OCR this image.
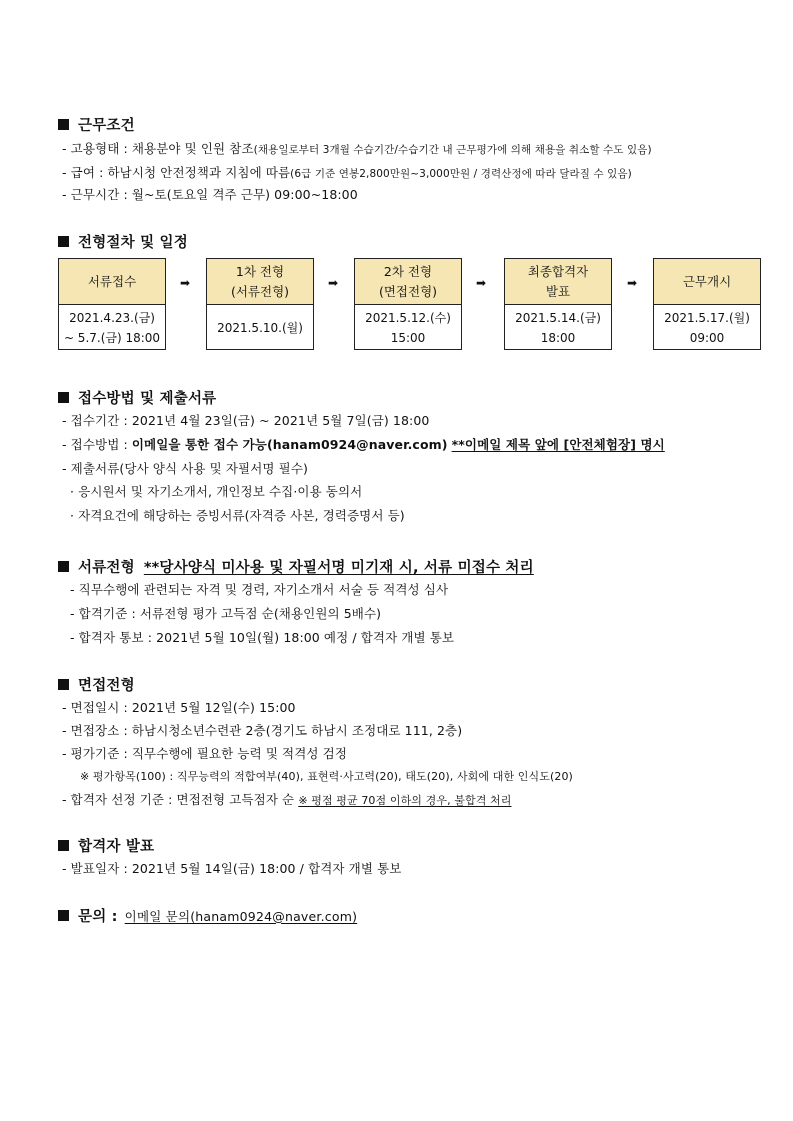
근무조건
- 고용형태 : 채용분야 및 인원 참조(채용일로부터 3개월 수습기간/수습기간 내 근무평가에 의해 채용을 취소할 수도 있음)
- 급여 : 하남시청 안전정책과 지침에 따름(6급 기준 연봉2,800만원~3,000만원 / 경력산정에 따라 달라질 수 있음)
- 근무시간 : 월~토(토요일 격주 근무) 09:00~18:00
전형절차 및 일정
서류접수
2021.4.23.(금)
~ 5.7.(금) 18:00
➡
1차 전형
(서류전형)
2021.5.10.(월)
➡
2차 전형
(면접전형)
2021.5.12.(수)
15:00
➡
최종합격자
발표
2021.5.14.(금)
18:00
➡	근무개시
2021.5.17.(월)
09:00
접수방법 및 제출서류
- 접수기간 : 2021년 4월 23일(금) ~ 2021년 5월 7일(금) 18:00
- 접수방법 : 이메일을 통한 접수 가능(hanam0924@naver.com) **이메일 제목 앞에 [안전체험장] 명시
- 제출서류(당사 양식 사용 및 자필서명 필수)
· 응시원서 및 자기소개서, 개인정보 수집·이용 동의서
· 자격요건에 해당하는 증빙서류(자격증 사본, 경력증명서 등)
서류전형 **당사양식 미사용 및 자필서명 미기재 시, 서류 미접수 처리
- 직무수행에 관련되는 자격 및 경력, 자기소개서 서술 등 적격성 심사
- 합격기준 : 서류전형 평가 고득점 순(채용인원의 5배수)
- 합격자 통보 : 2021년 5월 10일(월) 18:00 예정 / 합격자 개별 통보
면접전형
- 면접일시 : 2021년 5월 12일(수) 15:00
- 면접장소 : 하남시청소년수련관 2층(경기도 하남시 조정대로 111, 2층)
- 평가기준 : 직무수행에 필요한 능력 및 적격성 검정
※ 평가항목(100) : 직무능력의 적합여부(40), 표현력·사고력(20), 태도(20), 사회에 대한 인식도(20)
- 합격자 선정 기준 : 면접전형 고득점자 순 ※ 평점 평균 70점 이하의 경우, 불합격 처리
합격자 발표
- 발표일자 : 2021년 5월 14일(금) 18:00 / 합격자 개별 통보
문의 : 이메일 문의(hanam0924@naver.com)
